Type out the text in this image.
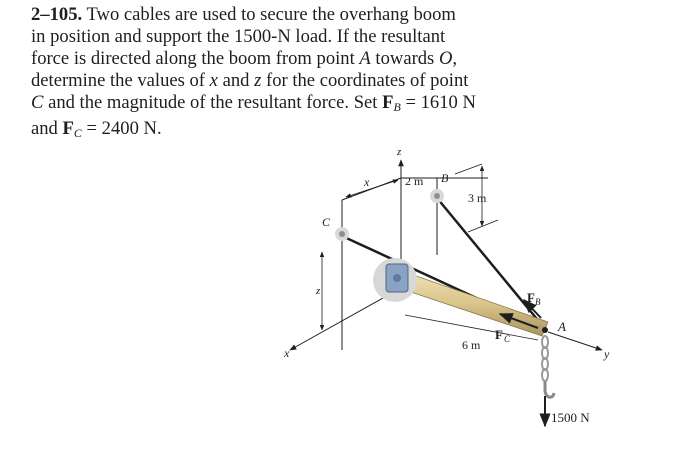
2–105. Two cables are used to secure the overhang boom
in position and support the 1500-N load. If the resultant
force is directed along the boom from point A towards O,
determine the values of x and z for the coordinates of point
C and the magnitude of the resultant force. Set $F_B = 1610$ N
and $F_C = 2400$ N.
z
x	y
x	2 m B
3 m
z
6 m
C
A
F B
F C
1500 N
